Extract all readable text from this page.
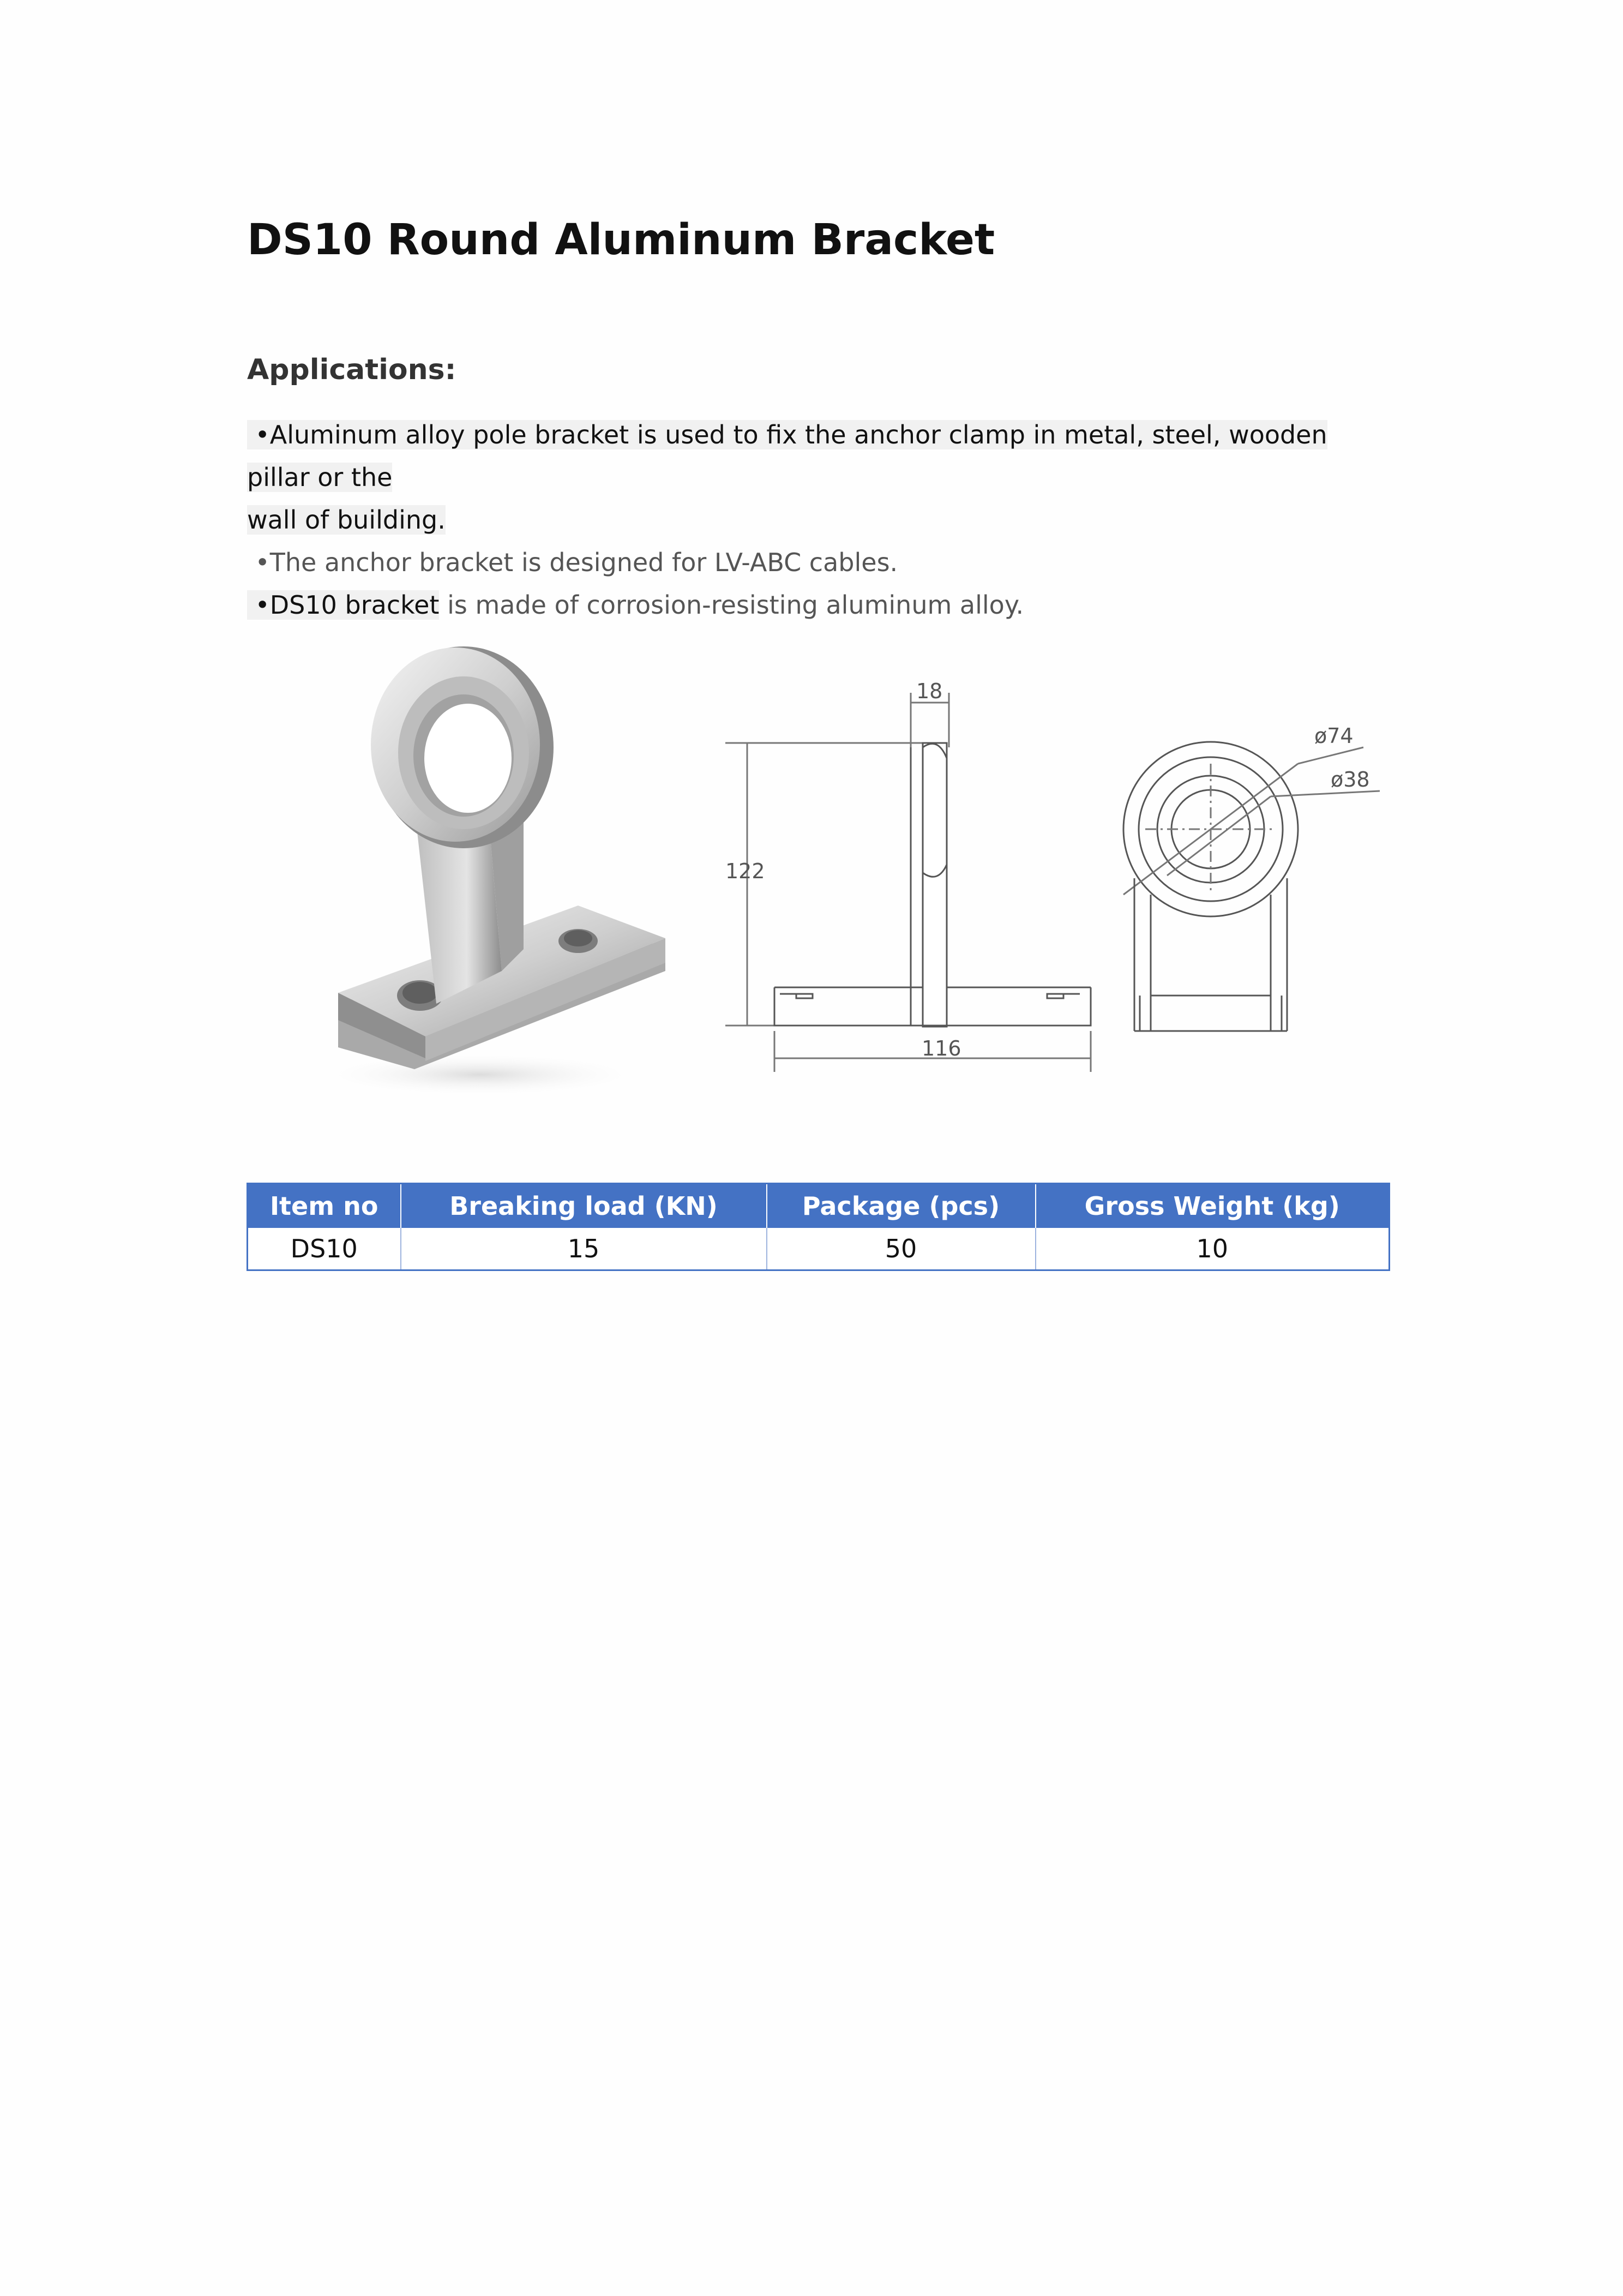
DS10 Round Aluminum Bracket
Applications:

•Aluminum alloy pole bracket is used to fix the anchor clamp in metal, steel, wooden pillar or the

wall of building.

•The anchor bracket is designed for LV-ABC cables.

•DS10 bracket is made of corrosion-resisting aluminum alloy.

18
122
116
ø74
ø38
Item no	Breaking load (KN)	Package (pcs)	Gross Weight (kg)
DS10	15	50	10
